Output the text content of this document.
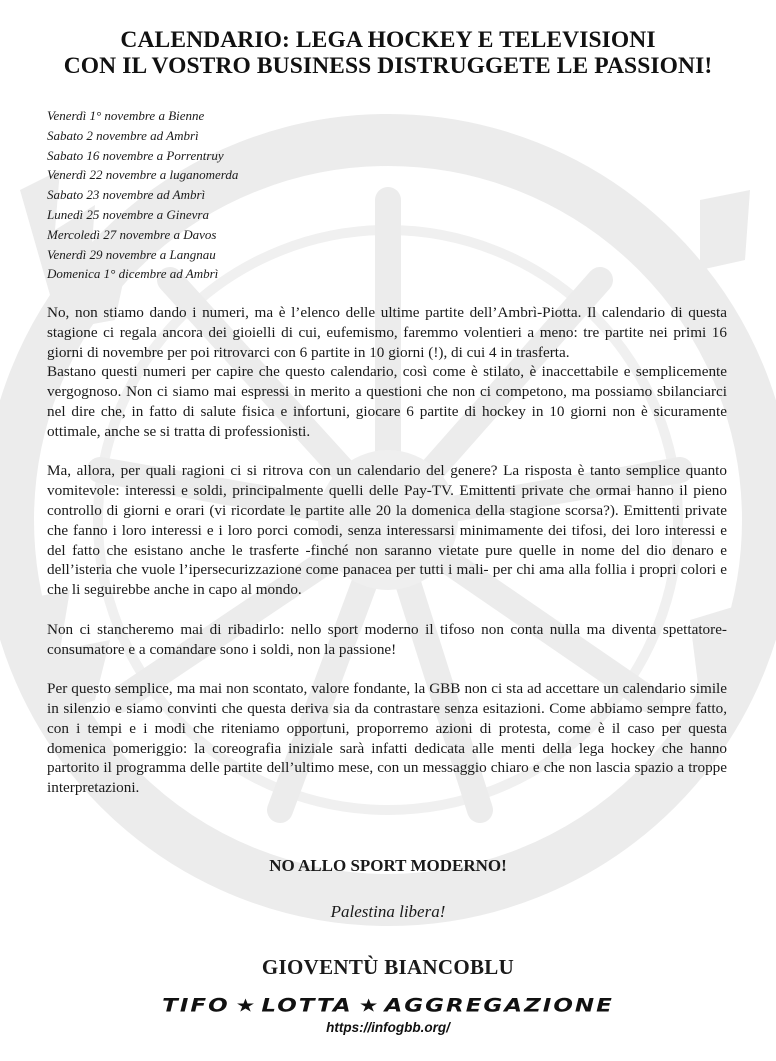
CALENDARIO: LEGA HOCKEY E TELEVISIONI
CON IL VOSTRO BUSINESS DISTRUGGETE LE PASSIONI!
Venerdì 1° novembre a Bienne
Sabato 2 novembre ad Ambrì
Sabato 16 novembre a Porrentruy
Venerdì 22 novembre a luganomerda
Sabato 23 novembre ad Ambrì
Lunedì 25 novembre a Ginevra
Mercoledì 27 novembre a Davos
Venerdì 29 novembre a Langnau
Domenica 1° dicembre ad Ambrì

No, non stiamo dando i numeri, ma è l’elenco delle ultime partite dell’Ambrì-Piotta. Il calendario di questa stagione ci regala ancora dei gioielli di cui, eufemismo, faremmo volentieri a meno: tre partite nei primi 16 giorni di novembre per poi ritrovarci con 6 partite in 10 giorni (!), di cui 4 in trasferta.

Bastano questi numeri per capire che questo calendario, così come è stilato, è inaccettabile e semplicemente vergognoso. Non ci siamo mai espressi in merito a questioni che non ci competono, ma possiamo sbilanciarci nel dire che, in fatto di salute fisica e infortuni, giocare 6 partite di hockey in 10 giorni non è sicuramente ottimale, anche se si tratta di professionisti.

Ma, allora, per quali ragioni ci si ritrova con un calendario del genere? La risposta è tanto semplice quanto vomitevole: interessi e soldi, principalmente quelli delle Pay-TV. Emittenti private che ormai hanno il pieno controllo di giorni e orari (vi ricordate le partite alle 20 la domenica della stagione scorsa?). Emittenti private che fanno i loro interessi e i loro porci comodi, senza interessarsi minimamente dei tifosi, dei loro interessi e del fatto che esistano anche le trasferte -finché non saranno vietate pure quelle in nome del dio denaro e dell’isteria che vuole l’ipersecurizzazione come panacea per tutti i mali- per chi ama alla follia i propri colori e che li seguirebbe anche in capo al mondo.

Non ci stancheremo mai di ribadirlo: nello sport moderno il tifoso non conta nulla ma diventa spettatore-consumatore e a comandare sono i soldi, non la passione!

Per questo semplice, ma mai non scontato, valore fondante, la GBB non ci sta ad accettare un calendario simile in silenzio e siamo convinti che questa deriva sia da contrastare senza esitazioni. Come abbiamo sempre fatto, con i tempi e i modi che riteniamo opportuni, proporremo azioni di protesta, come è il caso per questa domenica pomeriggio: la coreografia iniziale sarà infatti dedicata alle menti della lega hockey che hanno partorito il programma delle partite dell’ultimo mese, con un messaggio chiaro e che non lascia spazio a troppe interpretazioni.

NO ALLO SPORT MODERNO!
Palestina libera!
GIOVENTÙ BIANCOBLU
TIFO ★ LOTTA ★ AGGREGAZIONE
https://infogbb.org/
